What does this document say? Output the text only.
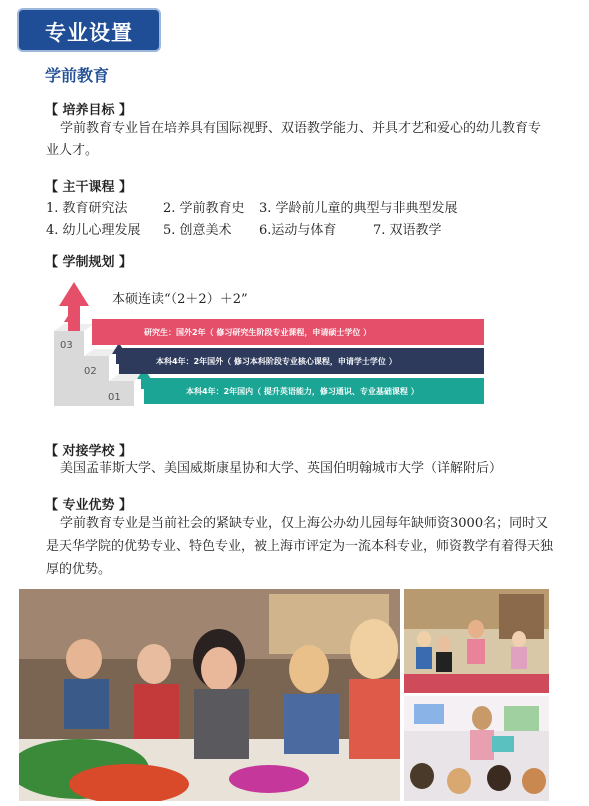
专业设置
学前教育
【 培养目标 】
学前教育专业旨在培养具有国际视野、双语教学能力、并具才艺和爱心的幼儿教育专
业人才。
【 主干课程 】
1. 教育研究法	2. 学前教育史 3. 学龄前儿童的典型与非典型发展
4. 幼儿心理发展 5. 创意美术 6.运动与体育	7. 双语教学
【 学制规划 】
本硕连读“（2＋2）＋2”
03
02
01
研究生：国外2年（ 修习研究生阶段专业课程，申请硕士学位 ）
本科4年：2年国外（ 修习本科阶段专业核心课程，申请学士学位 ）
本科4年：2年国内（ 提升英语能力，修习通识、专业基础课程 ）
【 对接学校 】
美国孟菲斯大学、美国威斯康星协和大学、英国伯明翰城市大学（详解附后）
【 专业优势 】
学前教育专业是当前社会的紧缺专业，仅上海公办幼儿园每年缺师资3000名；同时又
是天华学院的优势专业、特色专业，被上海市评定为一流本科专业，师资教学有着得天独
厚的优势。
